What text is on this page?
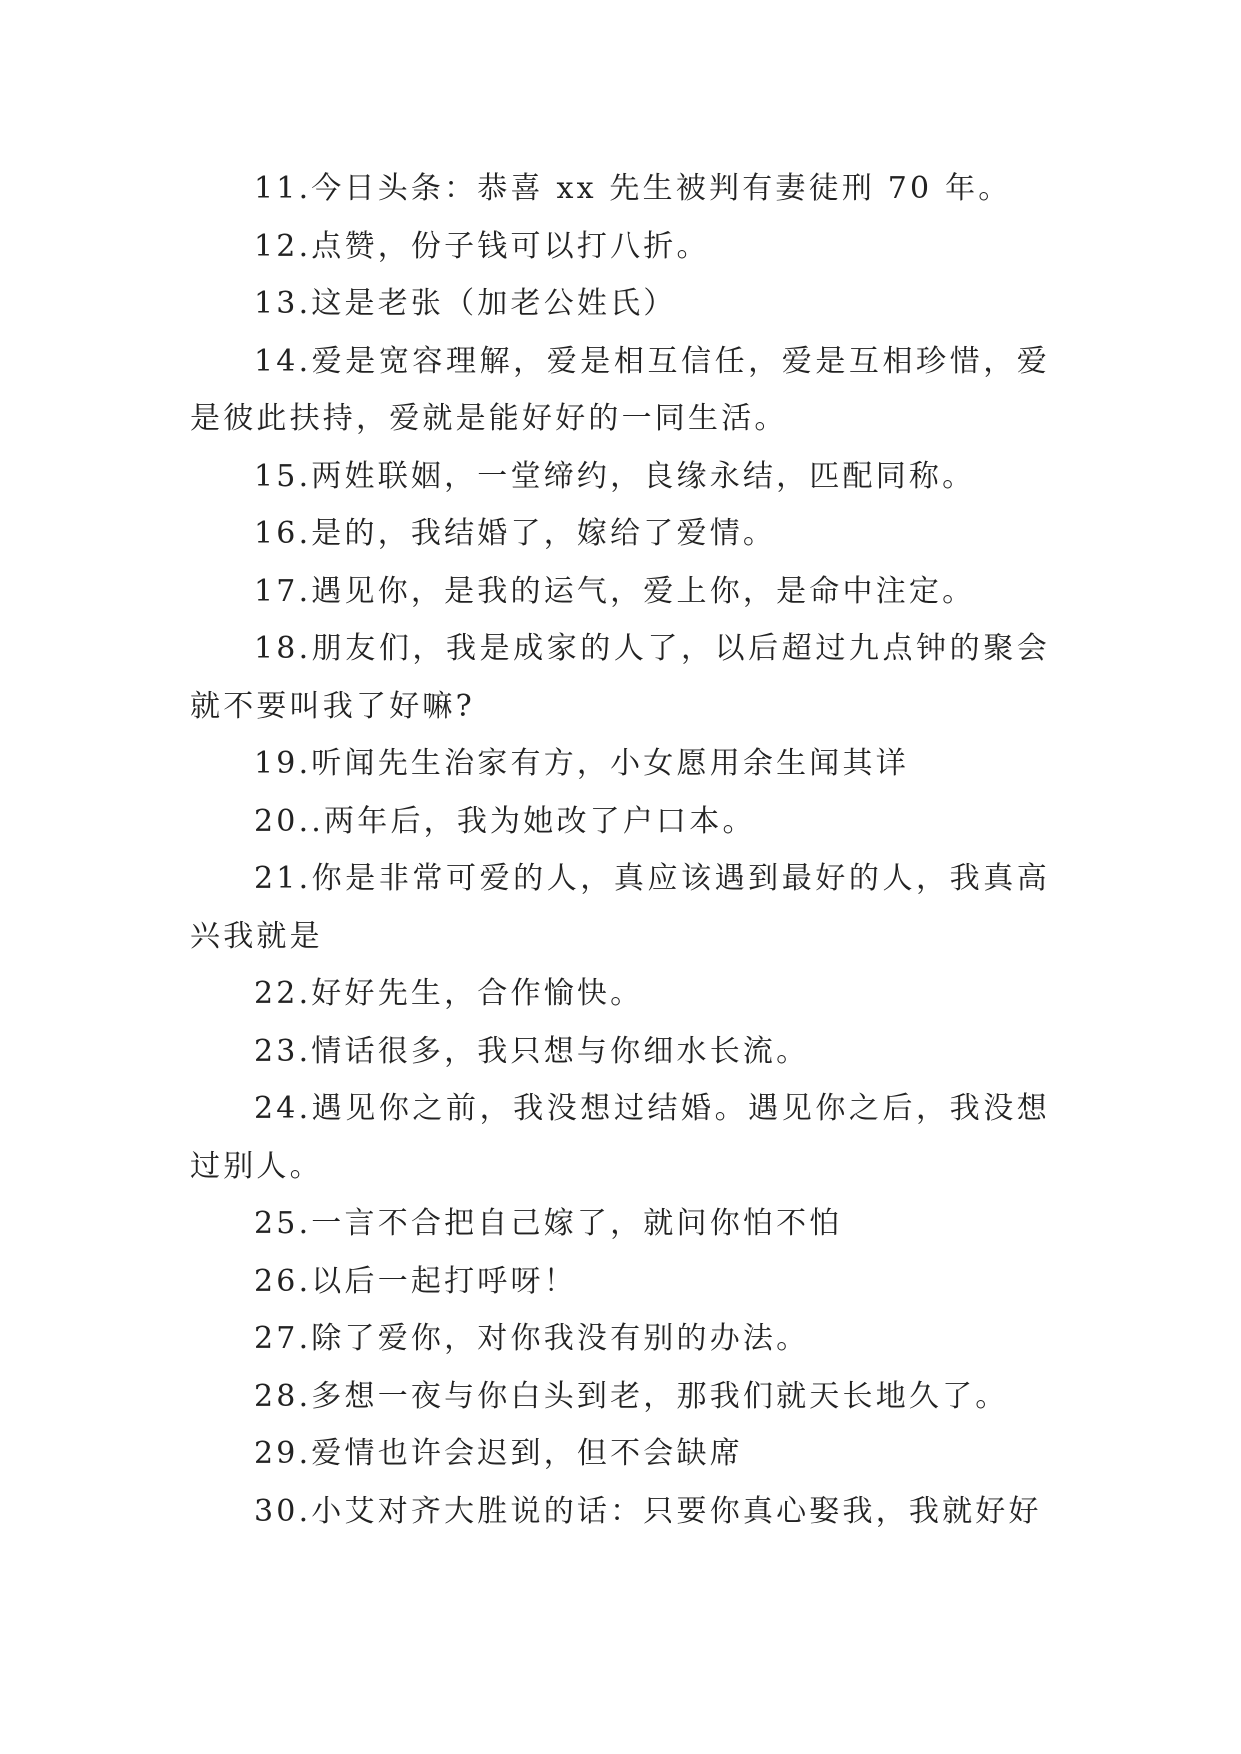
11.今日头条：恭喜 xx 先生被判有妻徒刑 70 年。

12.点赞，份子钱可以打八折。

13.这是老张（加老公姓氏）

14.爱是宽容理解，爱是相互信任，爱是互相珍惜，爱是彼此扶持，爱就是能好好的一同生活。

15.两姓联姻，一堂缔约，良缘永结，匹配同称。

16.是的，我结婚了，嫁给了爱情。

17.遇见你，是我的运气，爱上你，是命中注定。

18.朋友们，我是成家的人了，以后超过九点钟的聚会就不要叫我了好嘛?

19.听闻先生治家有方，小女愿用余生闻其详

20..两年后，我为她改了户口本。

21.你是非常可爱的人，真应该遇到最好的人，我真高兴我就是

22.好好先生，合作愉快。

23.情话很多，我只想与你细水长流。

24.遇见你之前，我没想过结婚。遇见你之后，我没想过别人。

25.一言不合把自己嫁了，就问你怕不怕

26.以后一起打呼呀！

27.除了爱你，对你我没有别的办法。

28.多想一夜与你白头到老，那我们就天长地久了。

29.爱情也许会迟到，但不会缺席

30.小艾对齐大胜说的话：只要你真心娶我，我就好好
